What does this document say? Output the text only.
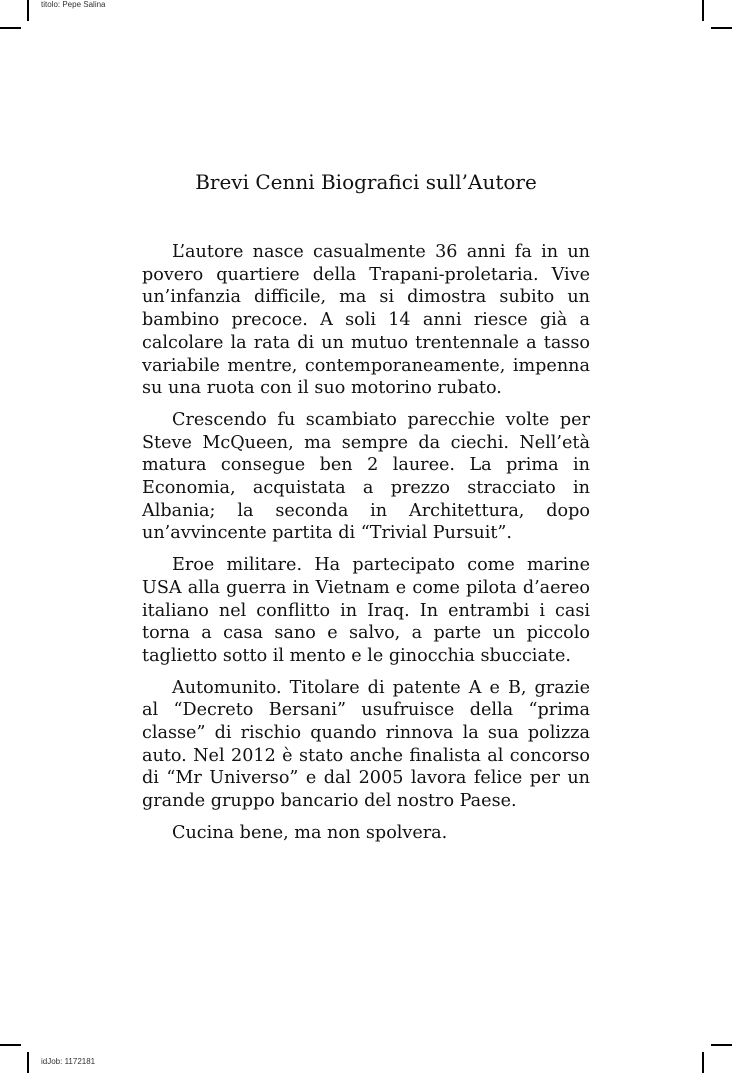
titolo: Pepe Salina
idJob: 1172181
Brevi Cenni Biografici sull’Autore

L’autore nasce casualmente 36 anni fa in un povero quartiere della Trapani-proletaria. Vive un’infanzia difficile, ma si dimostra subito un bambino precoce. A soli 14 anni riesce già a calcolare la rata di un mutuo trentennale a tasso variabile mentre, contemporaneamente, impenna su una ruota con il suo motorino rubato.

Crescendo fu scambiato parecchie volte per Steve McQueen, ma sempre da ciechi. Nell’età matura consegue ben 2 lauree. La prima in Economia, acquistata a prezzo stracciato in Albania; la seconda in Architettura, dopo un’avvincente partita di “Trivial Pursuit”.

Eroe militare. Ha partecipato come marine USA alla guerra in Vietnam e come pilota d’aereo italiano nel conflitto in Iraq. In entrambi i casi torna a casa sano e salvo, a parte un piccolo taglietto sotto il mento e le ginocchia sbucciate.

Automunito. Titolare di patente A e B, grazie al “Decreto Bersani” usufruisce della “prima classe” di rischio quando rinnova la sua polizza auto. Nel 2012 è stato anche finalista al concorso di “Mr Universo” e dal 2005 lavora felice per un grande gruppo bancario del nostro Paese.

Cucina bene, ma non spolvera.
